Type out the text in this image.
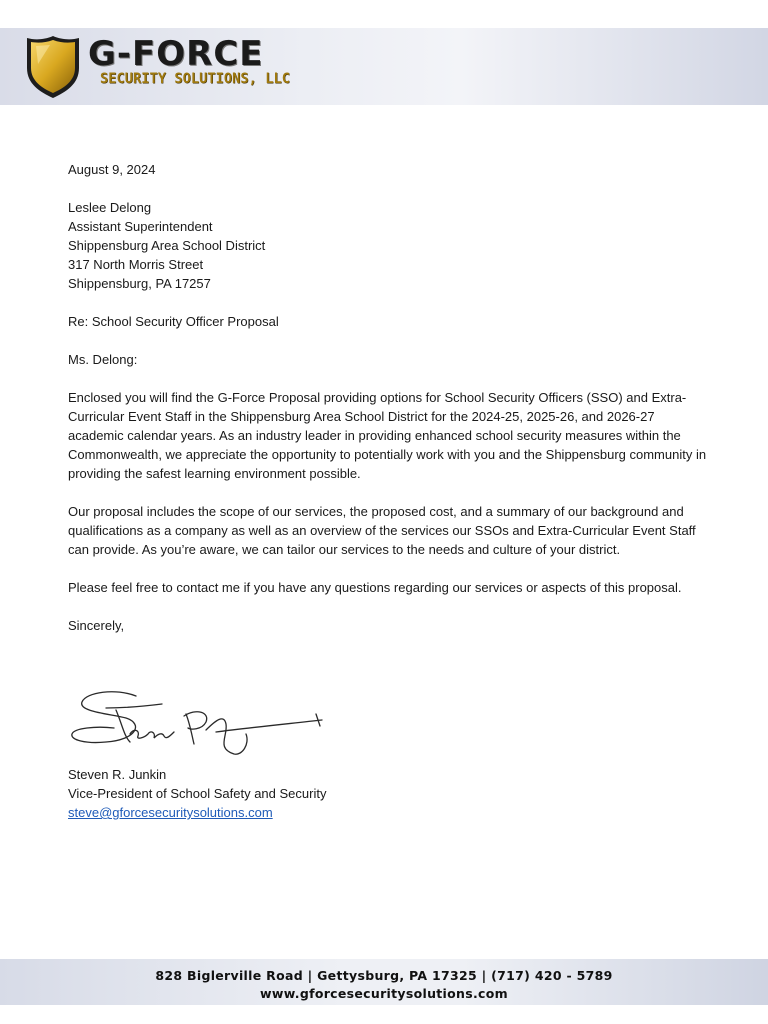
G-FORCE
SECURITY SOLUTIONS, LLC

August 9, 2024

Leslee Delong

Assistant Superintendent

Shippensburg Area School District

317 North Morris Street

Shippensburg, PA 17257

Re: School Security Officer Proposal

Ms. Delong:

Enclosed you will find the G-Force Proposal providing options for School Security Officers (SSO) and Extra-Curricular Event Staff in the Shippensburg Area School District for the 2024-25, 2025-26, and 2026-27 academic calendar years. As an industry leader in providing enhanced school security measures within the Commonwealth, we appreciate the opportunity to potentially work with you and the Shippensburg community in providing the safest learning environment possible.

Our proposal includes the scope of our services, the proposed cost, and a summary of our background and qualifications as a company as well as an overview of the services our SSOs and Extra-Curricular Event Staff can provide. As you’re aware, we can tailor our services to the needs and culture of your district.

Please feel free to contact me if you have any questions regarding our services or aspects of this proposal.

Sincerely,

Steven R. Junkin
Vice-President of School Safety and Security
steve@gforcesecuritysolutions.com
828 Biglerville Road | Gettysburg, PA 17325 | (717) 420 - 5789
www.gforcesecuritysolutions.com
